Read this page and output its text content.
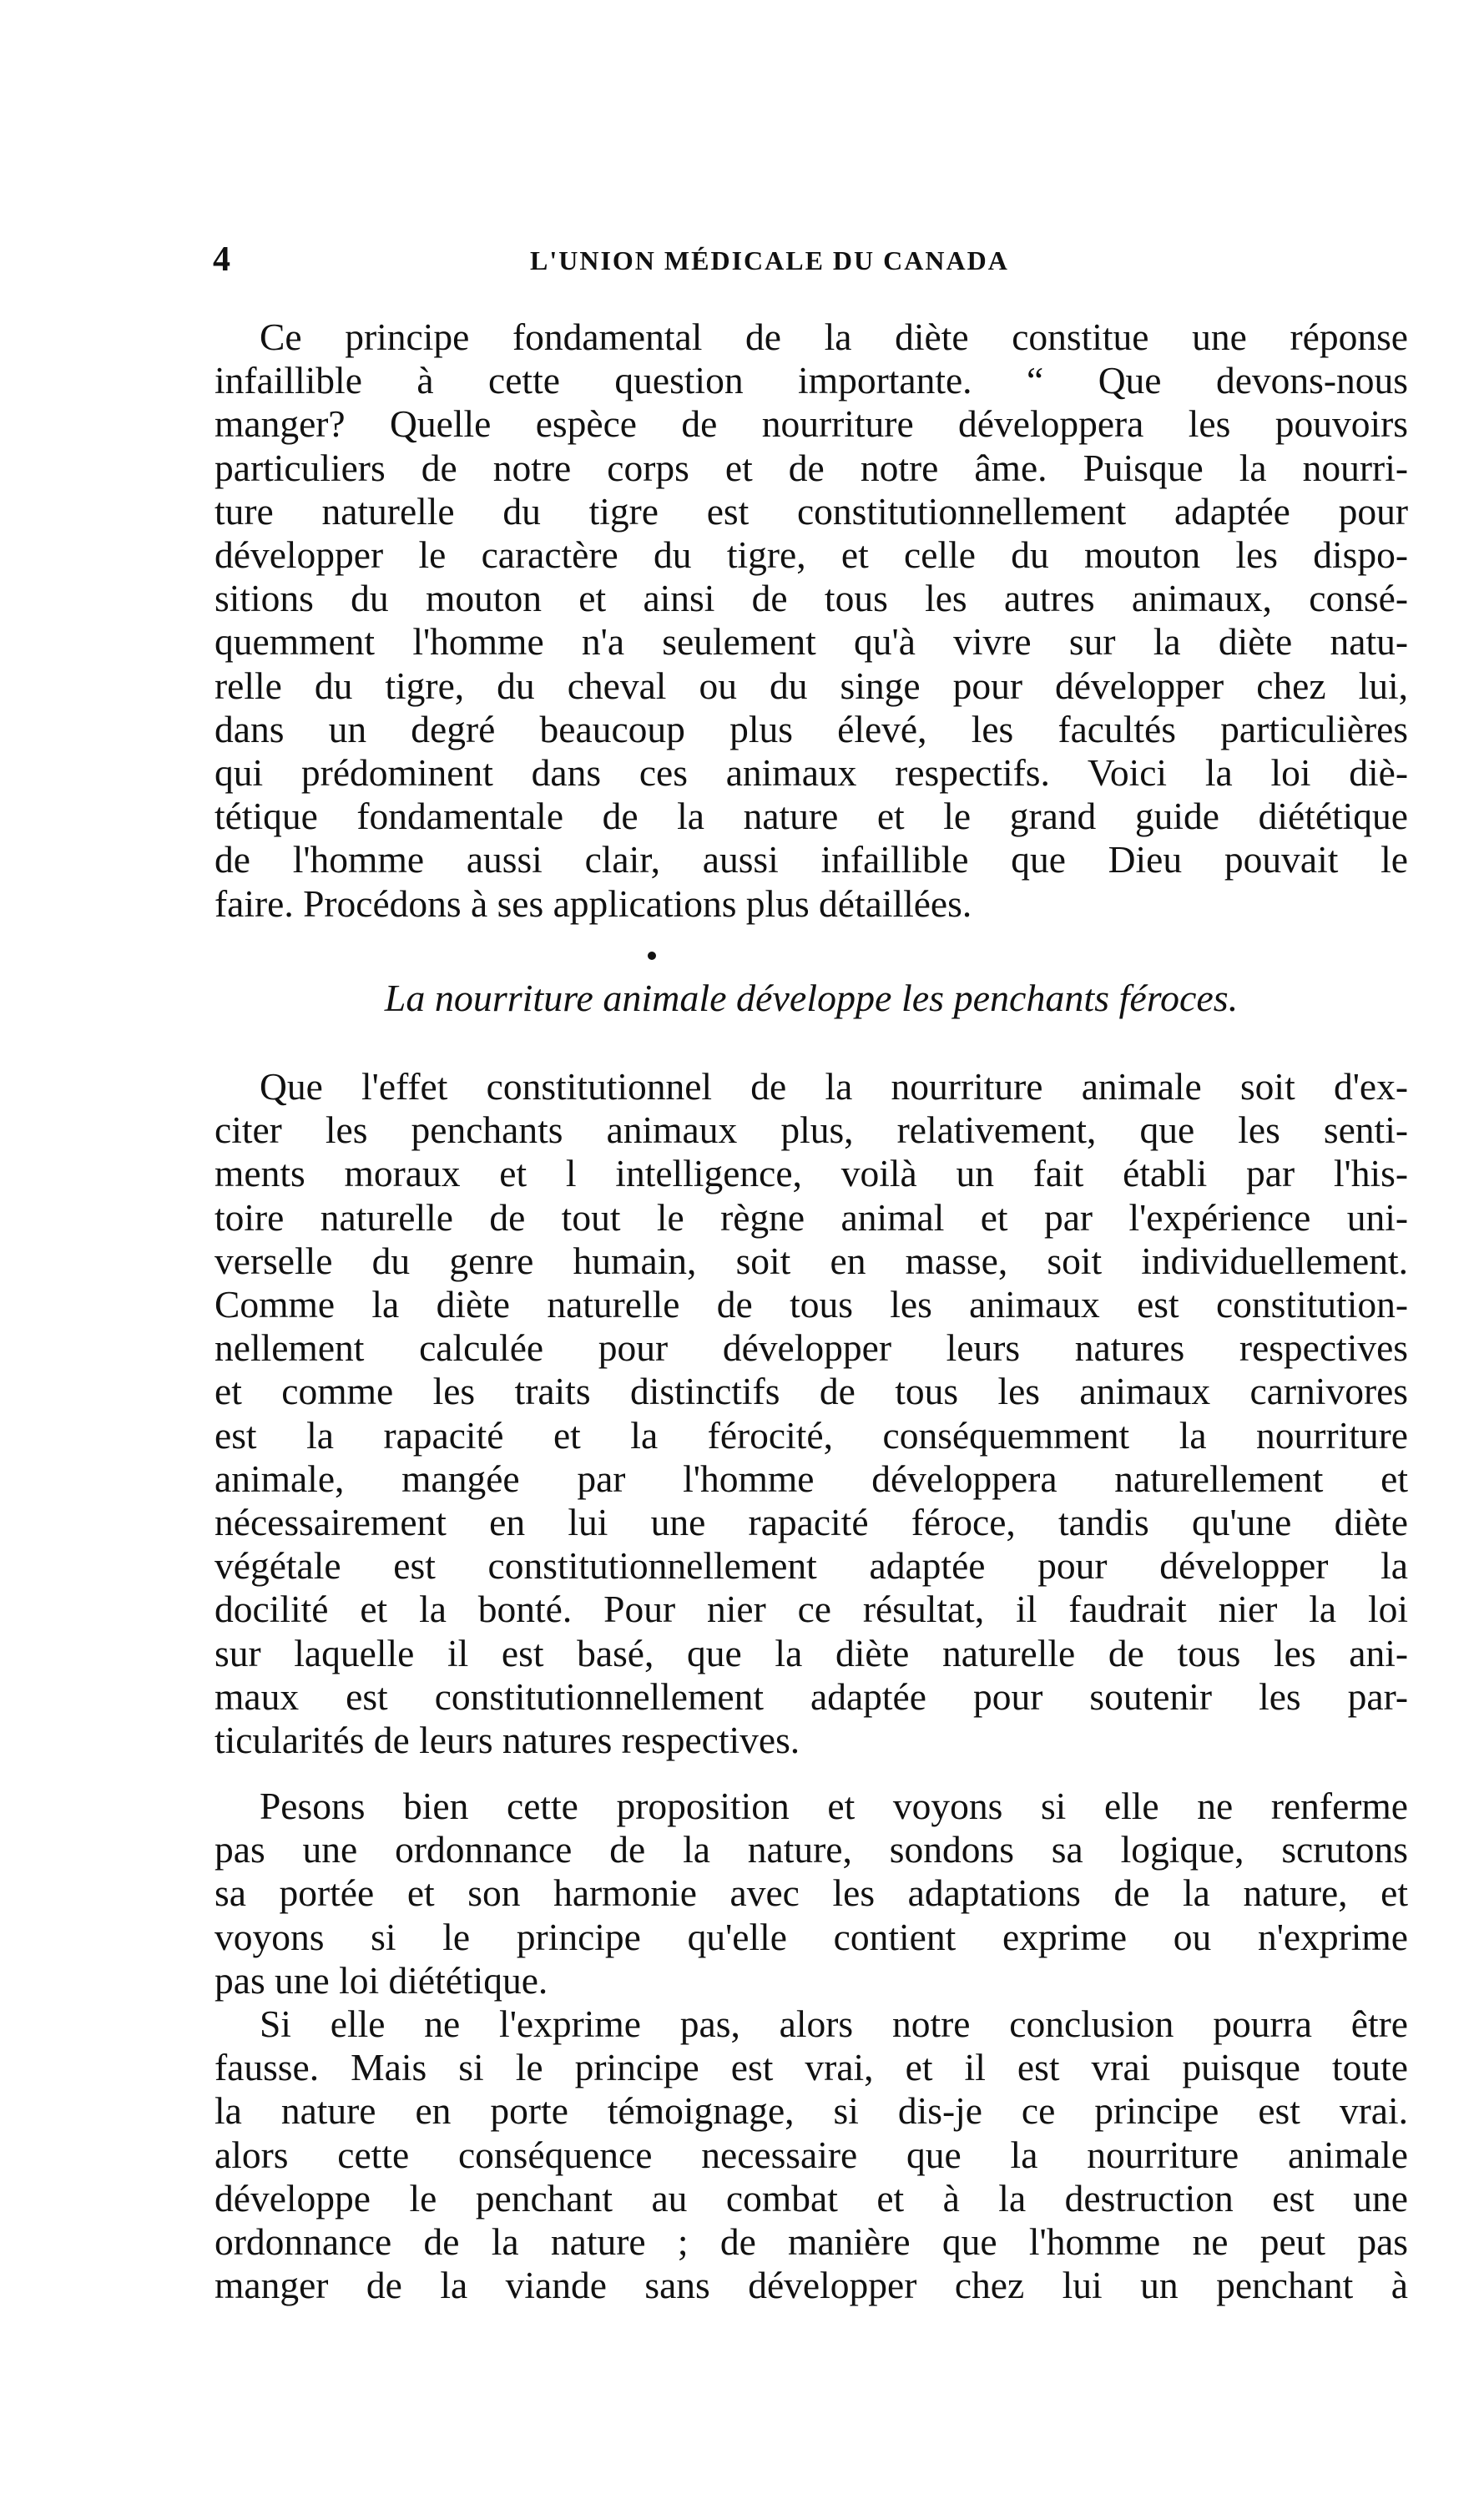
4	L'UNION MÉDICALE DU CANADA
Ce principe fondamental de la diète constitue une réponse
infaillible à cette question importante. “ Que devons-nous
manger? Quelle espèce de nourriture développera les pouvoirs
particuliers de notre corps et de notre âme. Puisque la nourri-
ture naturelle du tigre est constitutionnellement adaptée pour
développer le caractère du tigre, et celle du mouton les dispo-
sitions du mouton et ainsi de tous les autres animaux, consé-
quemment l'homme n'a seulement qu'à vivre sur la diète natu-
relle du tigre, du cheval ou du singe pour développer chez lui,
dans un degré beaucoup plus élevé, les facultés particulières
qui prédominent dans ces animaux respectifs. Voici la loi diè-
tétique fondamentale de la nature et le grand guide diététique
de l'homme aussi clair, aussi infaillible que Dieu pouvait le
faire. Procédons à ses applications plus détaillées.
La nourriture animale développe les penchants féroces.
Que l'effet constitutionnel de la nourriture animale soit d'ex-
citer les penchants animaux plus, relativement, que les senti-
ments moraux et l intelligence, voilà un fait établi par l'his-
toire naturelle de tout le règne animal et par l'expérience uni-
verselle du genre humain, soit en masse, soit individuellement.
Comme la diète naturelle de tous les animaux est constitution-
nellement calculée pour développer leurs natures respectives
et comme les traits distinctifs de tous les animaux carnivores
est la rapacité et la férocité, conséquemment la nourriture
animale, mangée par l'homme développera naturellement et
nécessairement en lui une rapacité féroce, tandis qu'une diète
végétale est constitutionnellement adaptée pour développer la
docilité et la bonté. Pour nier ce résultat, il faudrait nier la loi
sur laquelle il est basé, que la diète naturelle de tous les ani-
maux est constitutionnellement adaptée pour soutenir les par-
ticularités de leurs natures respectives.
Pesons bien cette proposition et voyons si elle ne renferme
pas une ordonnance de la nature, sondons sa logique, scrutons
sa portée et son harmonie avec les adaptations de la nature, et
voyons si le principe qu'elle contient exprime ou n'exprime
pas une loi diététique.
Si elle ne l'exprime pas, alors notre conclusion pourra être
fausse. Mais si le principe est vrai, et il est vrai puisque toute
la nature en porte témoignage, si dis-je ce principe est vrai.
alors cette conséquence necessaire que la nourriture animale
développe le penchant au combat et à la destruction est une
ordonnance de la nature ; de manière que l'homme ne peut pas
manger de la viande sans développer chez lui un penchant à
